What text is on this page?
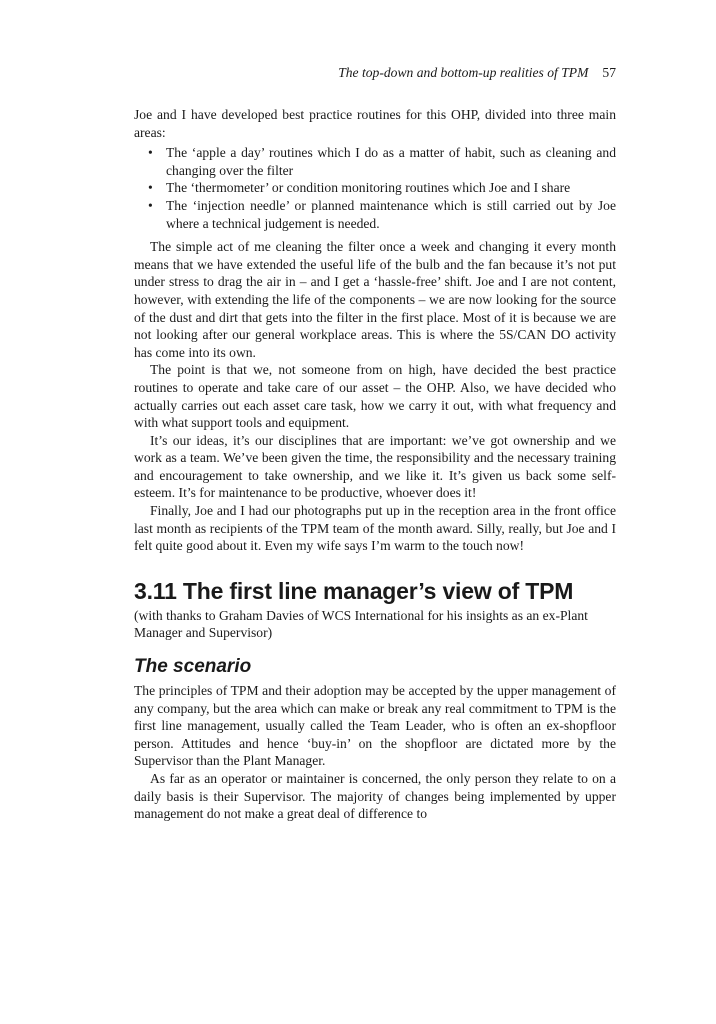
The top-down and bottom-up realities of TPM 57

Joe and I have developed best practice routines for this OHP, divided into three main areas:

• The ‘apple a day’ routines which I do as a matter of habit, such as cleaning and changing over the filter
• The ‘thermometer’ or condition monitoring routines which Joe and I share
• The ‘injection needle’ or planned maintenance which is still carried out by Joe where a technical judgement is needed.

The simple act of me cleaning the filter once a week and changing it every month means that we have extended the useful life of the bulb and the fan because it’s not put under stress to drag the air in – and I get a ‘hassle-free’ shift. Joe and I are not content, however, with extending the life of the components – we are now looking for the source of the dust and dirt that gets into the filter in the first place. Most of it is because we are not looking after our general workplace areas. This is where the 5S/CAN DO activity has come into its own.

The point is that we, not someone from on high, have decided the best practice routines to operate and take care of our asset – the OHP. Also, we have decided who actually carries out each asset care task, how we carry it out, with what frequency and with what support tools and equipment.

It’s our ideas, it’s our disciplines that are important: we’ve got ownership and we work as a team. We’ve been given the time, the responsibility and the necessary training and encouragement to take ownership, and we like it. It’s given us back some self-esteem. It’s for maintenance to be productive, whoever does it!

Finally, Joe and I had our photographs put up in the reception area in the front office last month as recipients of the TPM team of the month award. Silly, really, but Joe and I felt quite good about it. Even my wife says I’m warm to the touch now!

3.11 The first line manager’s view of TPM

(with thanks to Graham Davies of WCS International for his insights as an ex-Plant Manager and Supervisor)

The scenario

The principles of TPM and their adoption may be accepted by the upper management of any company, but the area which can make or break any real commitment to TPM is the first line management, usually called the Team Leader, who is often an ex-shopfloor person. Attitudes and hence ‘buy-in’ on the shopfloor are dictated more by the Supervisor than the Plant Manager.

As far as an operator or maintainer is concerned, the only person they relate to on a daily basis is their Supervisor. The majority of changes being implemented by upper management do not make a great deal of difference to
